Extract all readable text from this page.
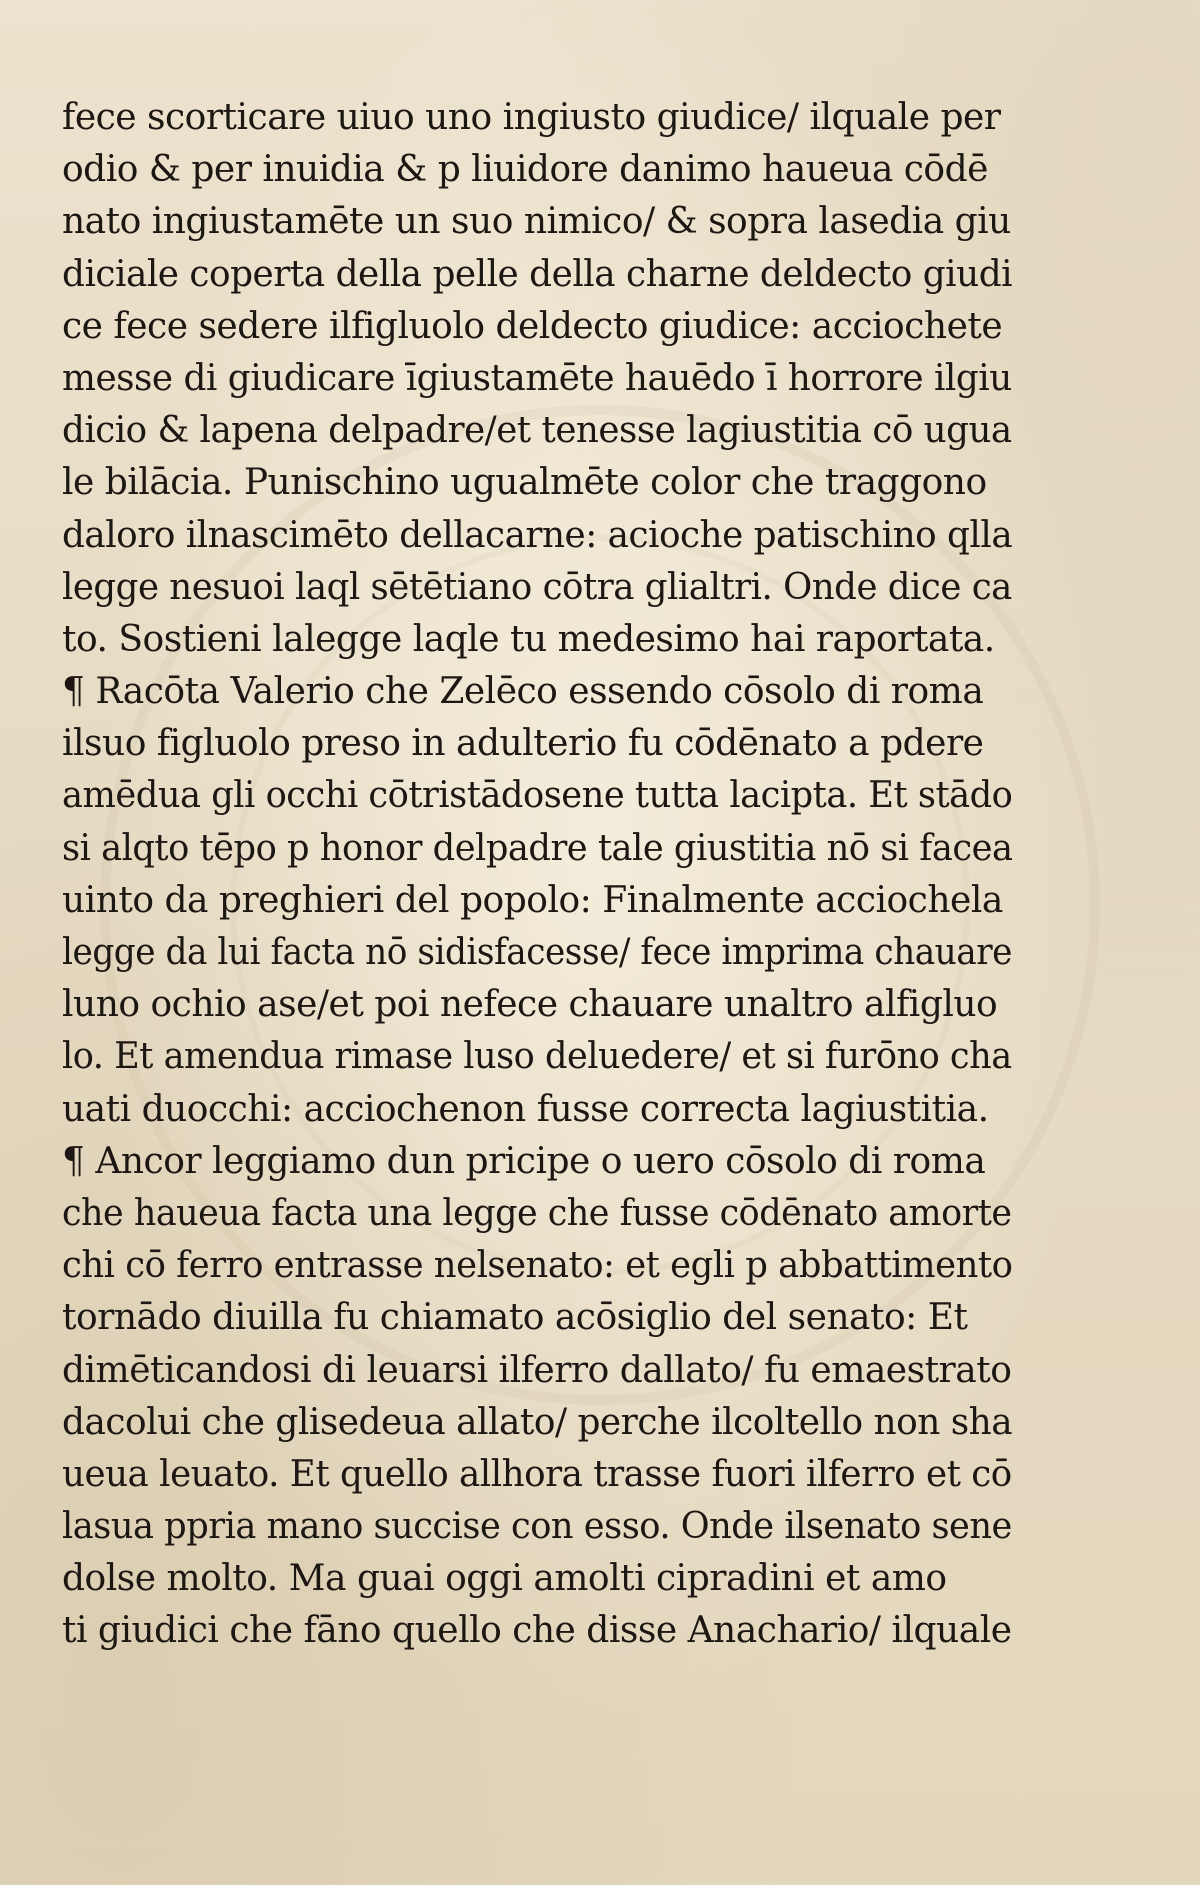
fece scorticare uiuo uno ingiusto giudice/ ilquale per
odio & per inuidia & p liuidore danimo haueua cōdē
nato ingiustamēte un suo nimico/ & sopra lasedia giu
diciale coperta della pelle della charne deldecto giudi
ce fece sedere ilfigluolo deldecto giudice: acciochete
messe di giudicare īgiustamēte hauēdo ī horrore ilgiu
dicio & lapena delpadre/et tenesse lagiustitia cō ugua
le bilācia. Punischino ugualmēte color che traggono
daloro ilnascimēto dellacarne: acioche patischino qlla
legge nesuoi laql sētētiano cōtra glialtri. Onde dice ca
to. Sostieni lalegge laqle tu medesimo hai raportata.
¶ Racōta Valerio che Zelēco essendo cōsolo di roma
ilsuo figluolo preso in adulterio fu cōdēnato a pdere
amēdua gli occhi cōtristādosene tutta lacipta. Et stādo
si alqto tēpo p honor delpadre tale giustitia nō si facea
uinto da preghieri del popolo: Finalmente acciochela
legge da lui facta nō sidisfacesse/ fece imprima chauare
luno ochio ase/et poi nefece chauare unaltro alfigluo
lo. Et amendua rimase luso deluedere/ et si furōno cha
uati duocchi: acciochenon fusse correcta lagiustitia.
¶ Ancor leggiamo dun pricipe o uero cōsolo di roma
che haueua facta una legge che fusse cōdēnato amorte
chi cō ferro entrasse nelsenato: et egli p abbattimento
tornādo diuilla fu chiamato acōsiglio del senato: Et
dimēticandosi di leuarsi ilferro dallato/ fu emaestrato
dacolui che glisedeua allato/ perche ilcoltello non sha
ueua leuato. Et quello allhora trasse fuori ilferro et cō
lasua ppria mano succise con esso. Onde ilsenato sene
dolse molto. Ma guai oggi amolti cipradini et amo
ti giudici che fāno quello che disse Anachario/ ilquale
